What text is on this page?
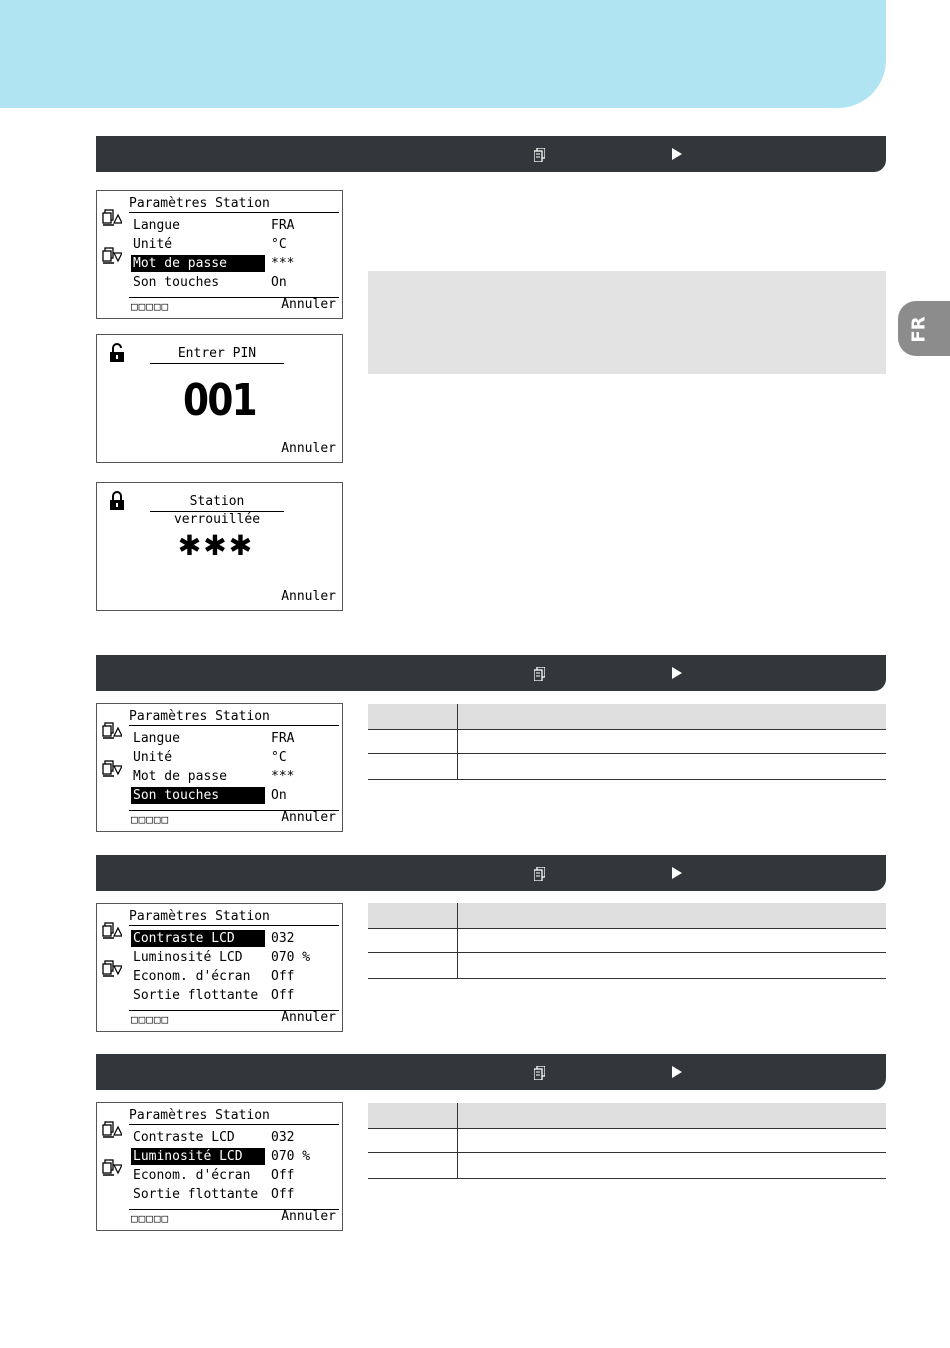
FR
Paramètres Station
Langue	FRA
Unité	°C
Mot de passe	***
Son touches	On
□□□□□	Annuler
Entrer PIN
001
Annuler
Station verrouillée
✱✱✱
Annuler
Paramètres Station
Langue	FRA
Unité	°C
Mot de passe	***
Son touches	On
□□□□□	Annuler
Paramètres Station
Contraste LCD	032
Luminosité LCD	070 %
Econom. d'écran	Off
Sortie flottante Off
□□□□□	Annuler
Paramètres Station
Contraste LCD	032
Luminosité LCD	070 %
Econom. d'écran	Off
Sortie flottante Off
□□□□□	Annuler
